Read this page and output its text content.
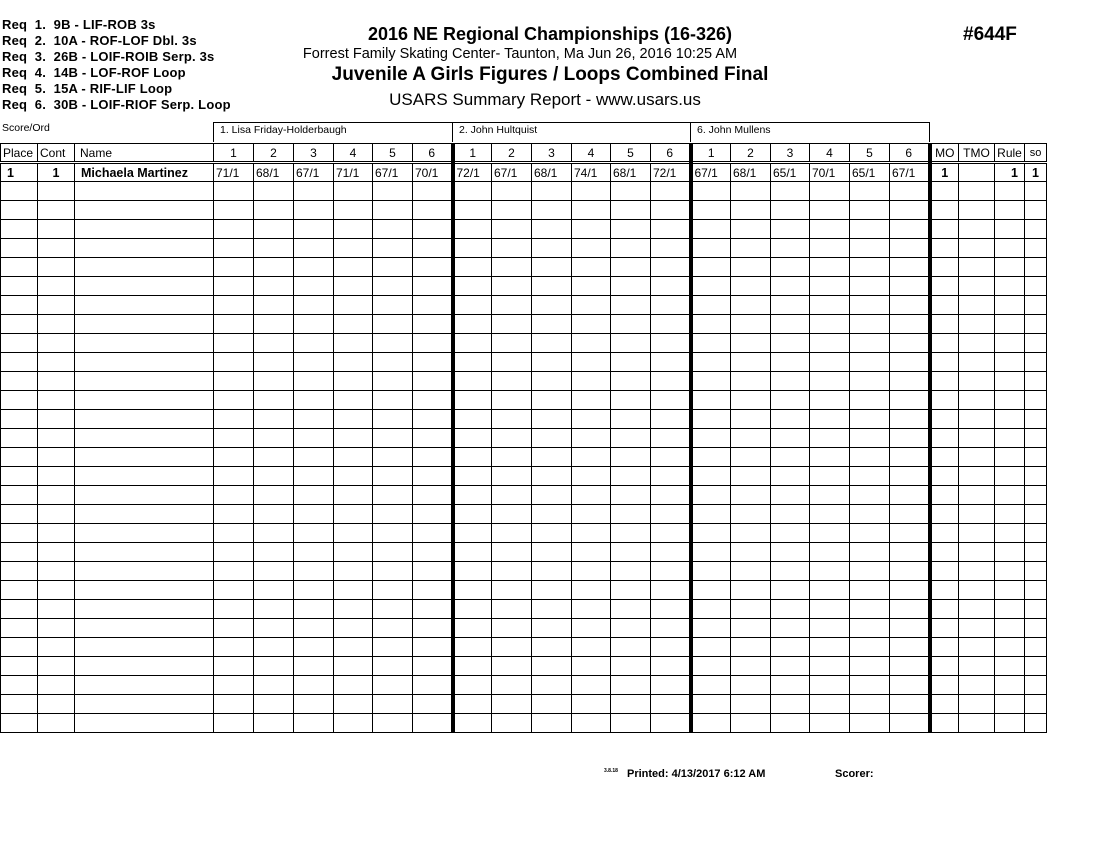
Req  1.  9B - LIF-ROB 3s
Req  2.  10A - ROF-LOF Dbl. 3s
Req  3.  26B - LOIF-ROIB Serp. 3s
Req  4.  14B - LOF-ROF Loop
Req  5.  15A - RIF-LIF Loop
Req  6.  30B - LOIF-RIOF Serp. Loop
2016 NE Regional Championships (16-326)
Forrest Family Skating Center- Taunton, Ma Jun 26, 2016 10:25 AM
Juvenile A Girls Figures / Loops Combined Final
USARS Summary Report - www.usars.us
#644F
Score/Ord	1. Lisa Friday-Holderbaugh	2. John Hultquist	6. John Mullens
Place	Cont	Name	1	2	3	4	5	6	1	2	3	4	5	6	1	2	3	4	5	6	MO	TMO	Rule	so
1	1	Michaela Martinez	71/1	68/1	67/1	71/1	67/1	70/1	72/1	67/1	68/1	74/1	68/1	72/1	67/1	68/1	65/1	70/1	65/1	67/1	1		1	1

3.8.18 Printed: 4/13/2017 6:12 AM	Scorer:
